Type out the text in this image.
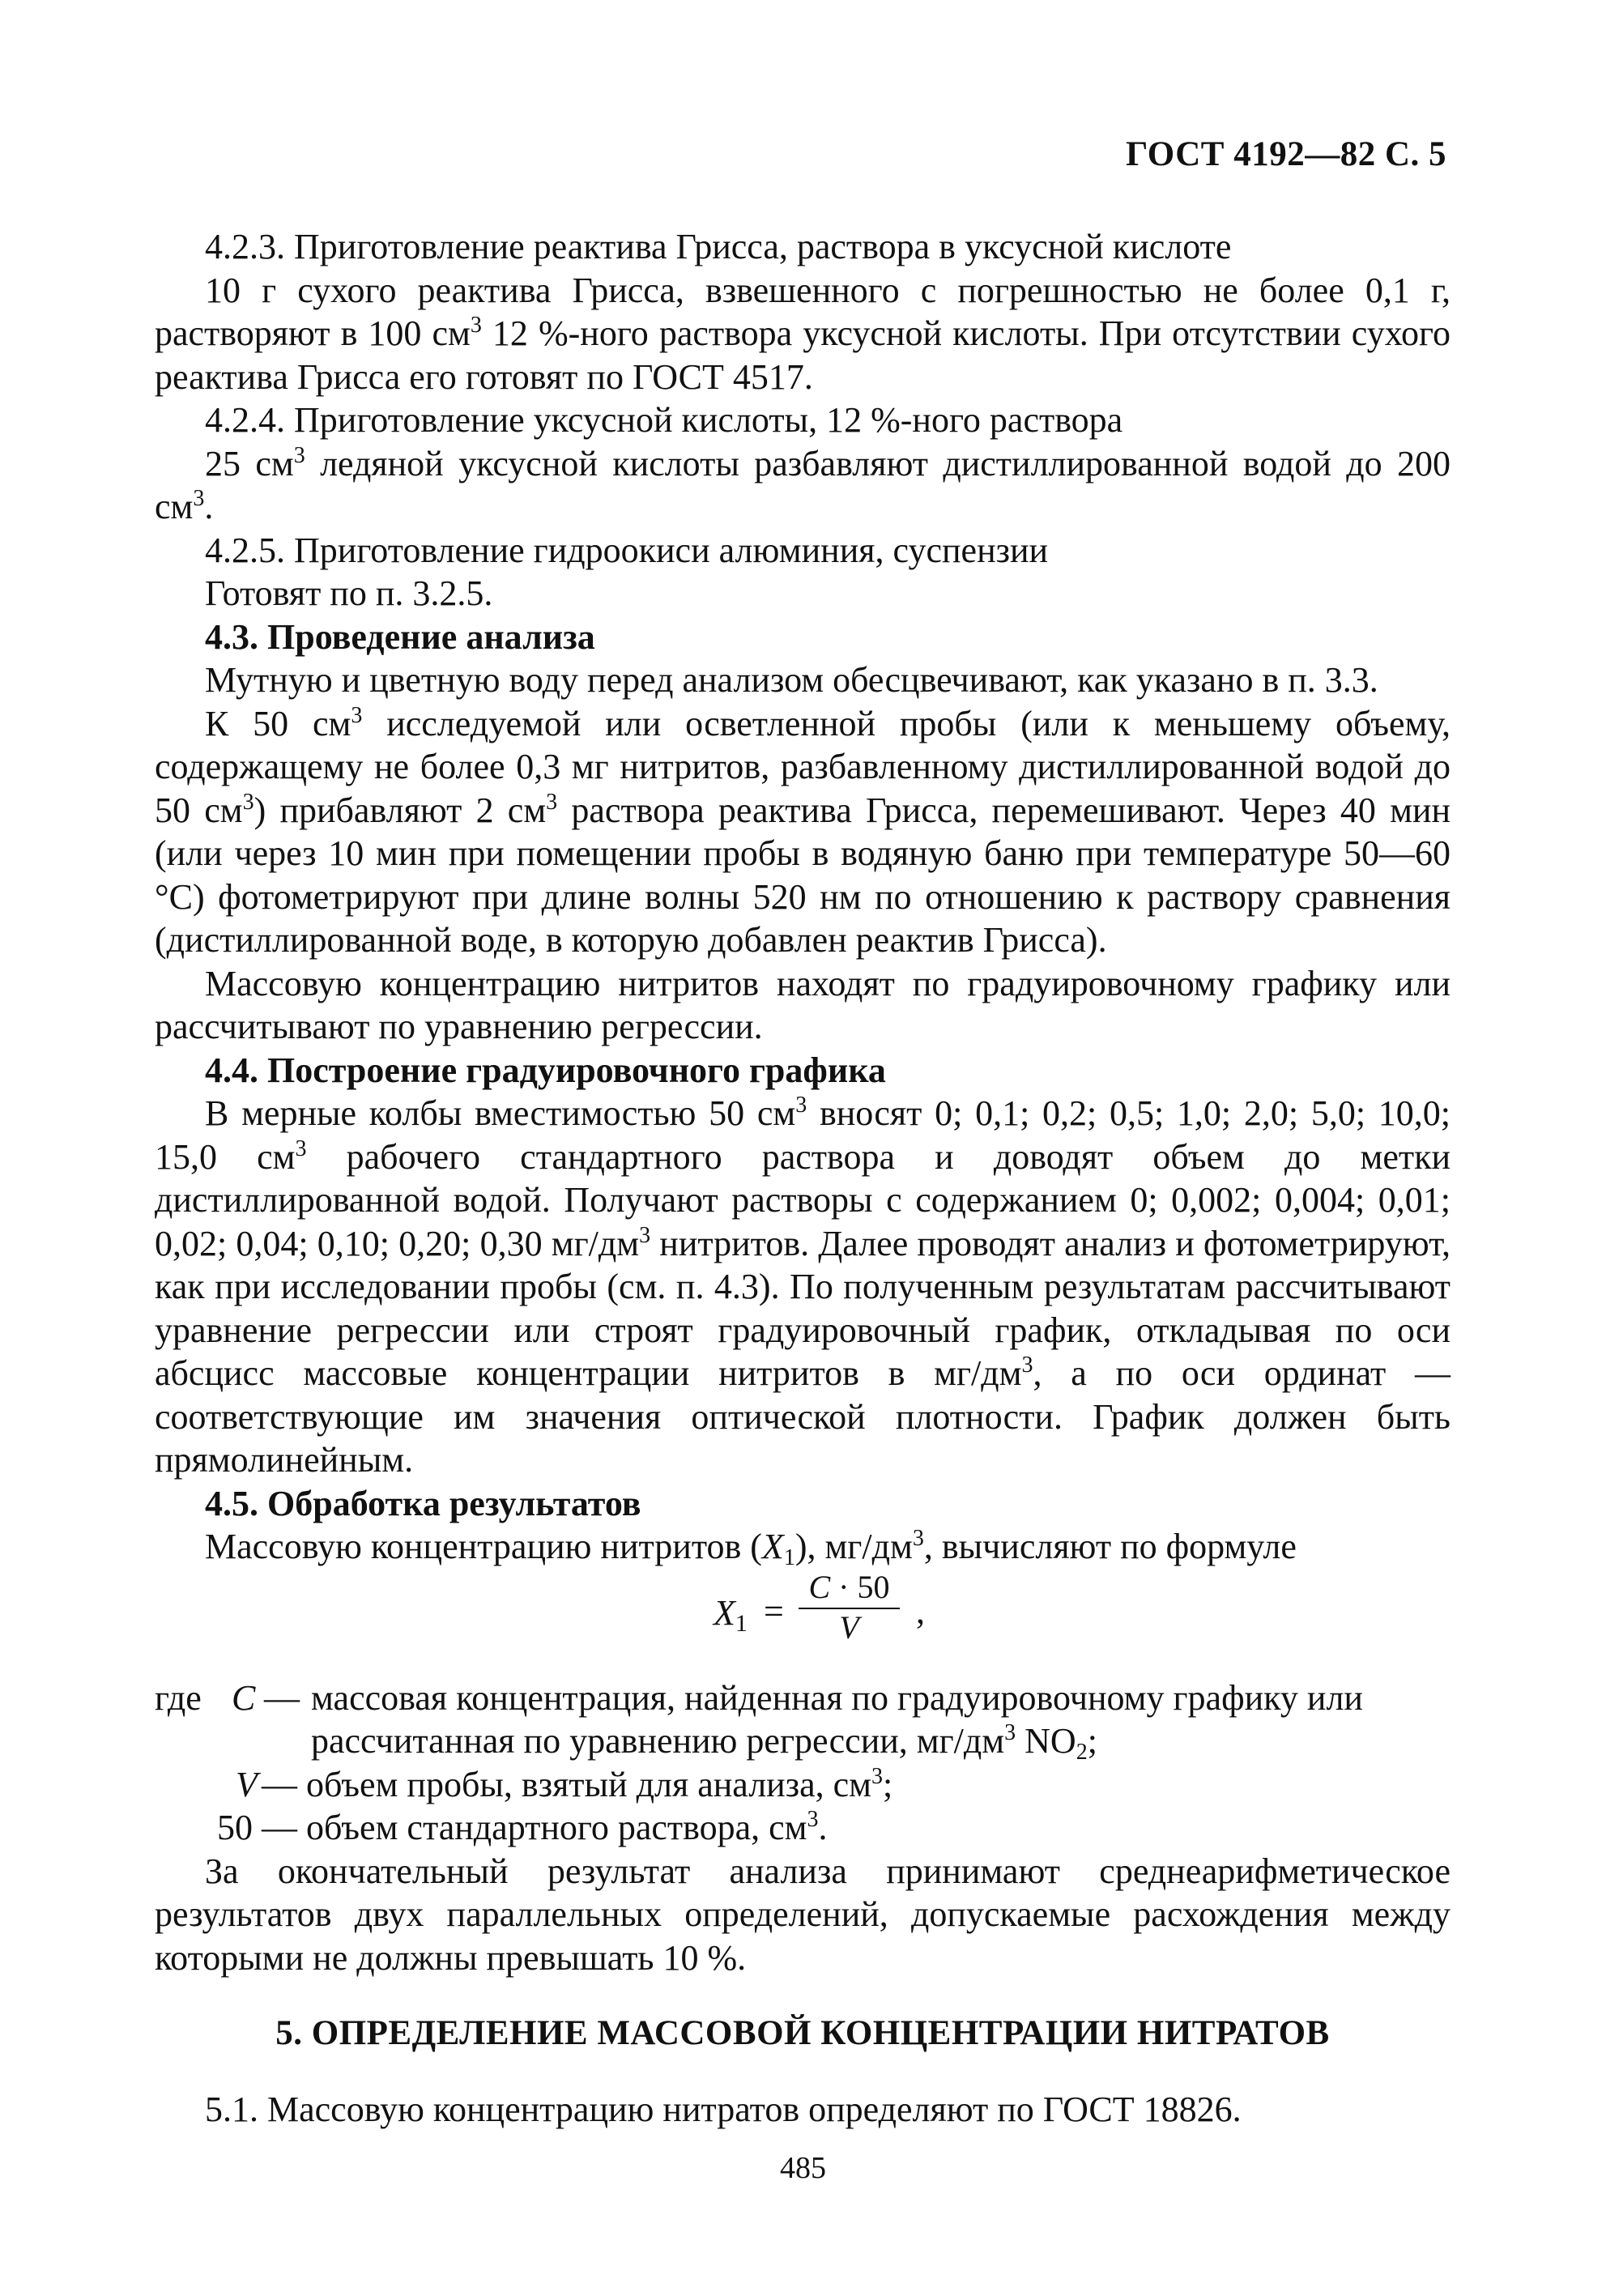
ГОСТ 4192—82 С. 5

4.2.3. Приготовление реактива Грисса, раствора в уксусной кислоте

10 г сухого реактива Грисса, взвешенного с погрешностью не более 0,1 г, растворяют в 100 $см^3$ 12 %-ного раствора уксусной кислоты. При отсутствии сухого реактива Грисса его готовят по ГОСТ 4517.

4.2.4. Приготовление уксусной кислоты, 12 %-ного раствора

25 $см^3$ ледяной уксусной кислоты разбавляют дистиллированной водой до 200 $см^3$.

4.2.5. Приготовление гидроокиси алюминия, суспензии

Готовят по п. 3.2.5.

4.3. Проведение анализа

Мутную и цветную воду перед анализом обесцвечивают, как указано в п. 3.3.

К 50 $см^3$ исследуемой или осветленной пробы (или к меньшему объему, содержащему не более 0,3 мг нитритов, разбавленному дистиллированной водой до 50 $см^3$) прибавляют 2 $см^3$ раствора реактива Грисса, перемешивают. Через 40 мин (или через 10 мин при помещении пробы в водяную баню при температуре 50—60 °С) фотометрируют при длине волны 520 нм по отношению к раствору сравнения (дистиллированной воде, в которую добавлен реактив Грисса).

Массовую концентрацию нитритов находят по градуировочному графику или рассчитывают по уравнению регрессии.

4.4. Построение градуировочного графика

В мерные колбы вместимостью 50 $см^3$ вносят 0; 0,1; 0,2; 0,5; 1,0; 2,0; 5,0; 10,0; 15,0 $см^3$ рабочего стандартного раствора и доводят объем до метки дистиллированной водой. Получают растворы с содержанием 0; 0,002; 0,004; 0,01; 0,02; 0,04; 0,10; 0,20; 0,30 $мг/дм^3$ нитритов. Далее проводят анализ и фотометрируют, как при исследовании пробы (см. п. 4.3). По полученным результатам рассчитывают уравнение регрессии или строят градуировочный график, откладывая по оси абсцисс массовые концентрации нитритов в $мг/дм^3$, а по оси ординат — соответствующие им значения оптической плотности. График должен быть прямолинейным.

4.5. Обработка результатов

Массовую концентрацию нитритов $(X_1)$, $мг/дм^3$, вычисляют по формуле

$X1 = \frac{C \cdot 50}{V}$ ,
где C — массовая концентрация, найденная по градуировочному графику или
рассчитанная по уравнению регрессии, $мг/дм^3$ $NO_2$;
V — объем пробы, взятый для анализа, $см^3$;
50 — объем стандартного раствора, $см^3$.

За окончательный результат анализа принимают среднеарифметическое результатов двух параллельных определений, допускаемые расхождения между которыми не должны превышать 10 %.

5. ОПРЕДЕЛЕНИЕ МАССОВОЙ КОНЦЕНТРАЦИИ НИТРАТОВ

5.1. Массовую концентрацию нитратов определяют по ГОСТ 18826.

485
